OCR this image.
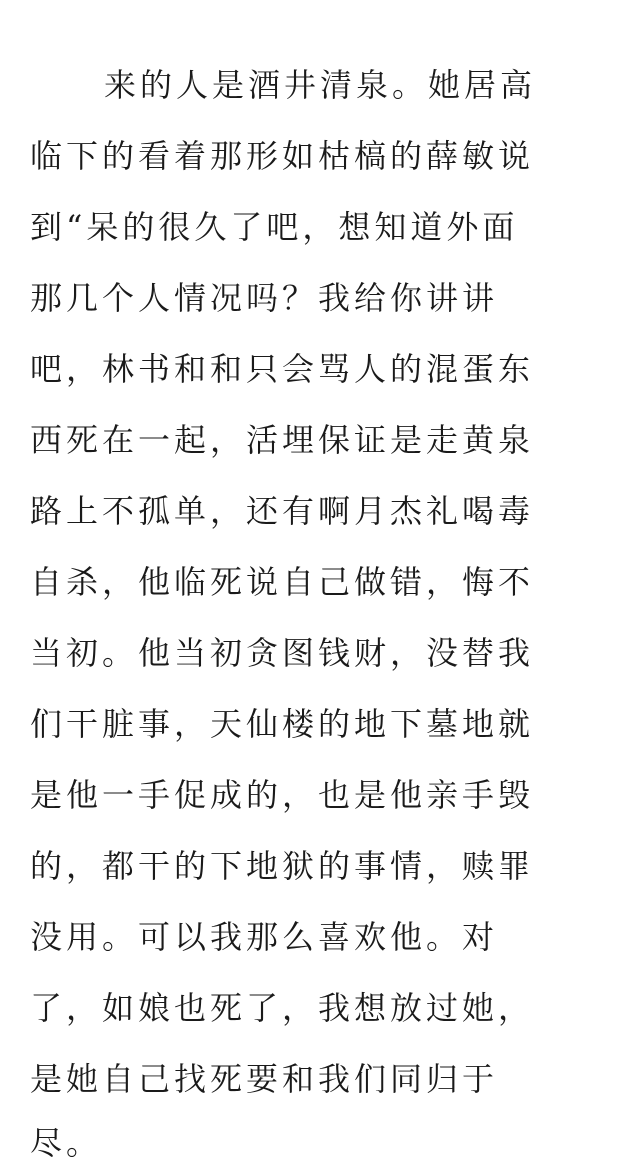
来的人是酒井清泉。她居高
临下的看着那形如枯槁的薛敏说
到“呆的很久了吧，想知道外面
那几个人情况吗？我给你讲讲
吧，林书和和只会骂人的混蛋东
西死在一起，活埋保证是走黄泉
路上不孤单，还有啊月杰礼喝毒
自杀，他临死说自己做错，悔不
当初。他当初贪图钱财，没替我
们干脏事，天仙楼的地下墓地就
是他一手促成的，也是他亲手毁
的，都干的下地狱的事情，赎罪
没用。可以我那么喜欢他。对
了，如娘也死了，我想放过她，
是她自己找死要和我们同归于
尽。
